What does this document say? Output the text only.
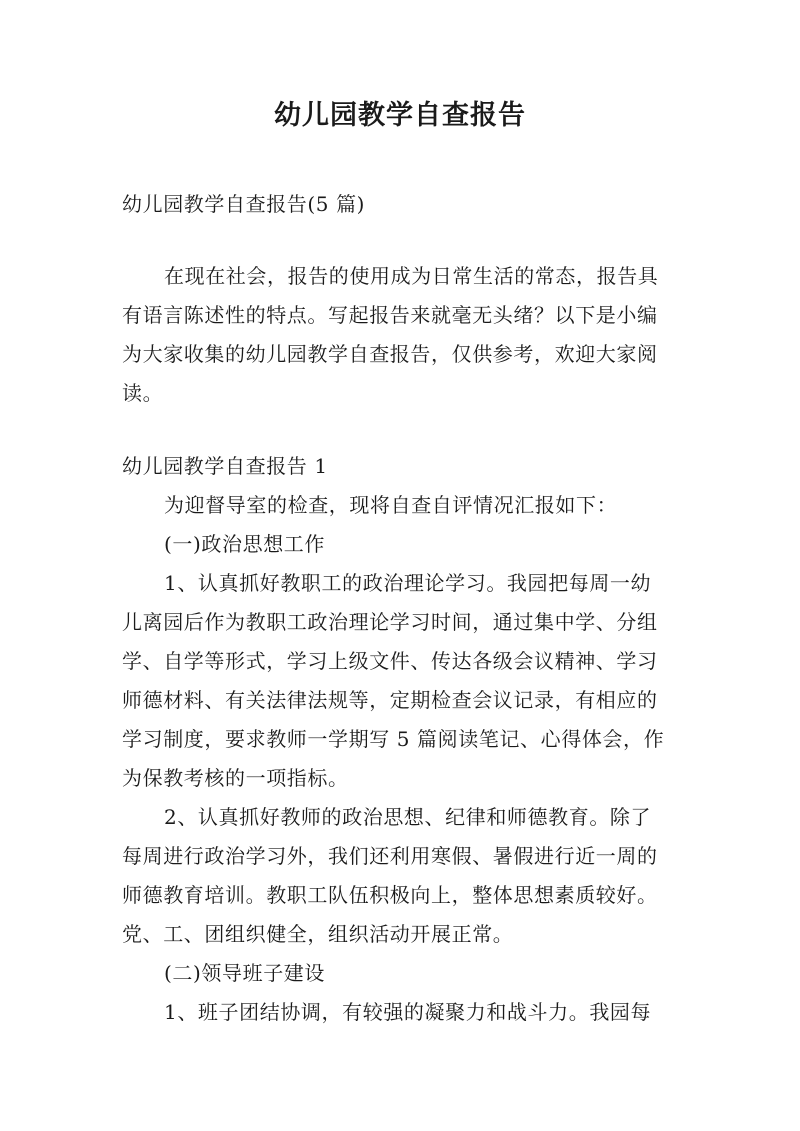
幼儿园教学自查报告
幼儿园教学自查报告(5 篇)
在现在社会，报告的使用成为日常生活的常态，报告具
有语言陈述性的特点。写起报告来就毫无头绪？以下是小编
为大家收集的幼儿园教学自查报告，仅供参考，欢迎大家阅
读。
幼儿园教学自查报告 1
为迎督导室的检查，现将自查自评情况汇报如下：
(一)政治思想工作
1、认真抓好教职工的政治理论学习。我园把每周一幼
儿离园后作为教职工政治理论学习时间，通过集中学、分组
学、自学等形式，学习上级文件、传达各级会议精神、学习
师德材料、有关法律法规等，定期检查会议记录，有相应的
学习制度，要求教师一学期写 5 篇阅读笔记、心得体会，作
为保教考核的一项指标。
2、认真抓好教师的政治思想、纪律和师德教育。除了
每周进行政治学习外，我们还利用寒假、暑假进行近一周的
师德教育培训。教职工队伍积极向上，整体思想素质较好。
党、工、团组织健全，组织活动开展正常。
(二)领导班子建设
1、班子团结协调，有较强的凝聚力和战斗力。我园每
